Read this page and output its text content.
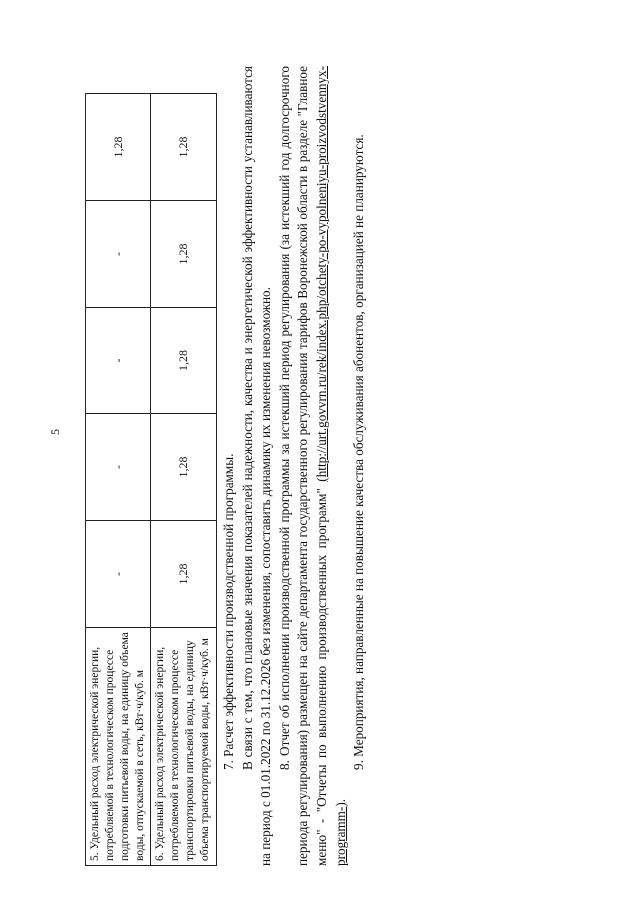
5
5. Удельный расход электрической энергии, потребляемой в технологическом процессе подготовки питьевой воды, на единицу объема воды, отпускаемой в сеть, кВт·ч/куб. м	-	-	-	-	1,28
6. Удельный расход электрической энергии, потребляемой в технологическом процессе транспортировки питьевой воды, на единицу объема транспортируемой воды, кВт·ч/куб. м	1,28	1,28	1,28	1,28	1,28

7. Расчет эффективности производственной программы. В связи с тем, что плановые значения показателей надежности, качества и энергетической эффективности устанавливаются на период с 01.01.2022 по 31.12.2026 без изменения, сопоставить динамику их изменения невозможно. 8. Отчет об исполнении производственной программы за истекший период регулирования (за истекший год долгосрочного периода регулирования) размещен на сайте департамента государственного регулирования тарифов Воронежской области в разделе "Главное меню" - "Отчеты по выполнению производственных программ" (http://urt.govvrn.ru/rek/index.php/otchety-po-vypolneniyu-proizvodstvennyx-programm-).

9. Мероприятия, направленные на повышение качества обслуживания абонентов, организацией не планируются.
